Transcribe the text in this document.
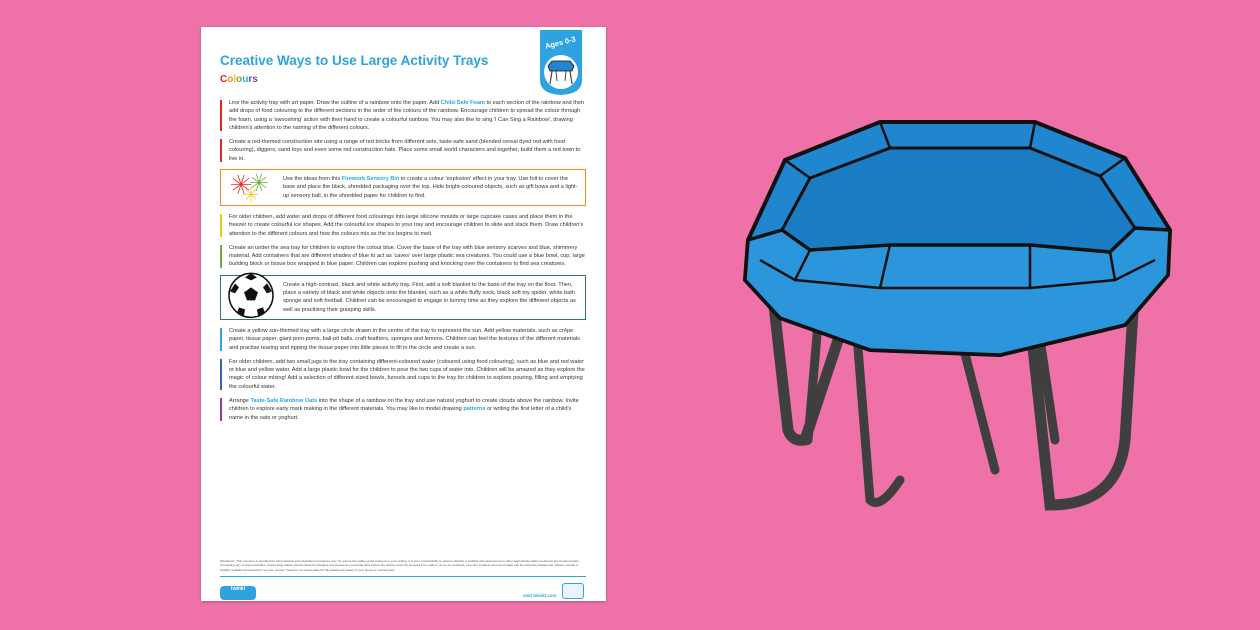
Creative Ways to Use Large Activity Trays
Colours
Ages 0-3
Line the activity tray with art paper. Draw the outline of a rainbow onto the paper. Add Child-Safe Foam to each section of the rainbow and then add drops of food colouring to the different sections in the order of the colours of the rainbow. Encourage children to spread the colour through the foam, using a 'swooshing' action with their hand to create a colourful rainbow. You may also like to sing 'I Can Sing a Rainbow', drawing children's attention to the naming of the different colours.
Create a red-themed construction site using a range of red bricks from different sets, taste-safe sand (blended cereal dyed red with food colouring), diggers, sand toys and even some red construction hats. Place some small world characters and together, build them a red town to live in.
Use the ideas from this Firework Sensory Bin to create a colour 'explosion' effect in your tray. Use foil to cover the base and place the black, shredded packaging over the top. Hide bright-coloured objects, such as gift bows and a light-up sensory ball, in the shredded paper for children to find.
For older children, add water and drops of different food colourings into large silicone moulds or large cupcake cases and place them in the freezer to create colourful ice shapes. Add the colourful ice shapes to your tray and encourage children to slide and stack them. Draw children's attention to the different colours and how the colours mix as the ice begins to melt.
Create an under the sea tray for children to explore the colour blue. Cover the base of the tray with blue sensory scarves and blue, shimmery material. Add containers that are different shades of blue to act as 'caves' over large plastic sea creatures. You could use a blue bowl, cup, large building block or tissue box wrapped in blue paper. Children can explore pushing and knocking over the containers to find sea creatures.
Create a high-contrast, black and white activity tray. First, add a soft blanket to the base of the tray on the floor. Then, place a variety of black and white objects onto the blanket, such as a white fluffy sock, black soft toy spider, white bath sponge and soft football. Children can be encouraged to engage in tummy time as they explore the different objects as well as practising their grasping skills.
Create a yellow sun-themed tray with a large circle drawn in the centre of the tray to represent the sun. Add yellow materials, such as crêpe paper, tissue paper, giant pom-poms, ball-pit balls, craft feathers, sponges and lemons. Children can feel the textures of the different materials and practise tearing and ripping the tissue paper into little pieces to fill in the circle and create a sun.
For older children, add two small jugs to the tray containing different-coloured water (coloured using food colouring), such as blue and red water or blue and yellow water. Add a large plastic bowl for the children to pour the two cups of water into. Children will be amazed as they explore the magic of colour mixing! Add a selection of different-sized bowls, funnels and cups to the tray for children to explore pouring, filling and emptying the colourful water.
Arrange Taste-Safe Rainbow Oats into the shape of a rainbow on the tray and use natural yoghurt to create clouds above the rainbow. Invite children to explore early mark making in the different materials. You may like to model drawing patterns or writing the first letter of a child's name in the oats or yoghurt.
Disclaimer: This resource is provided for informational and educational purposes only. To ensure the safety of the learners in your setting, it is your responsibility to assess whether a suitable risk assessment or other appropriate safety measures are required when completing any of these activities. Supervising adults should check for allergies and assess any potential risks before the activity and only proceed if it is safe to do so, for example, even the smallest amount of water can be extremely dangerous. Please contact a suitably qualified professional if you are unsure. Twinkl is not responsible for the health and safety of your group or environment.
twinkl
visit twinkl.com
